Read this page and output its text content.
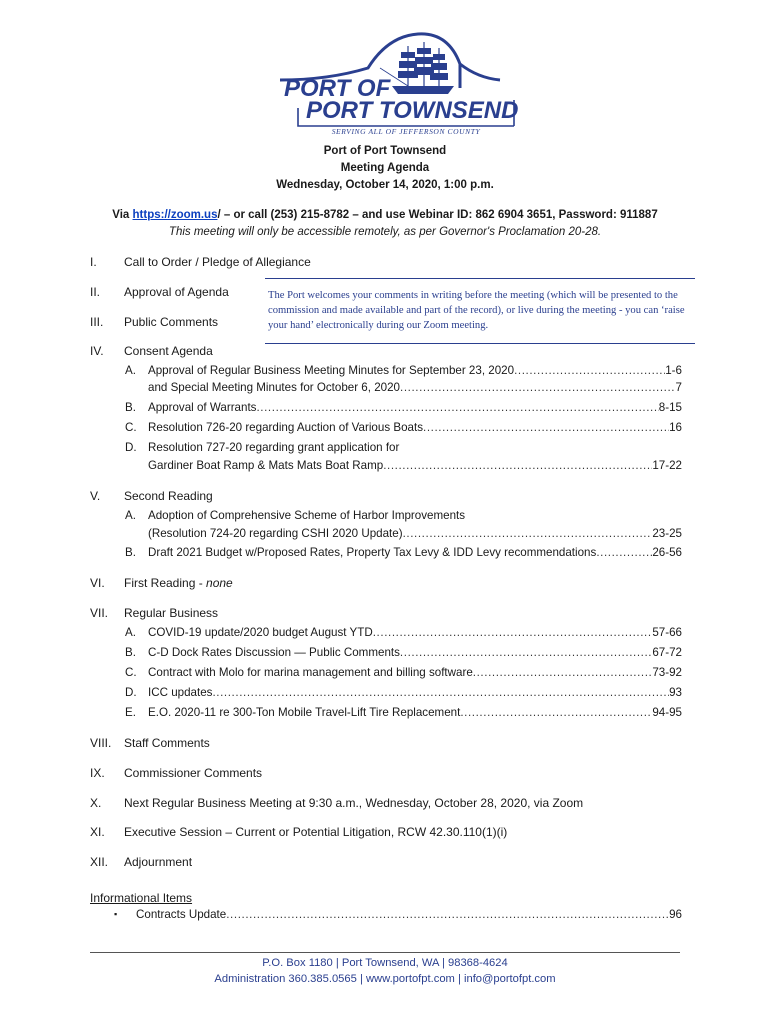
PORT OF
PORT TOWNSEND
SERVING ALL OF JEFFERSON COUNTY
Port of Port Townsend
Meeting Agenda
Wednesday, October 14, 2020, 1:00 p.m.
Via https://zoom.us/ – or call (253) 215-8782 – and use Webinar ID: 862 6904 3651, Password: 911887
This meeting will only be accessible remotely, as per Governor's Proclamation 20-28.
I.	Call to Order / Pledge of Allegiance
II.	Approval of Agenda
III.	Public Comments

The Port welcomes your comments in writing before the meeting (which will be presented to the commission and made available and part of the record), or live during the meeting - you can ‘raise your hand’ electronically during our Zoom meeting.

IV.	Consent Agenda
A. Approval of Regular Business Meeting Minutes for September 23, 2020 .....	1-6
and Special Meeting Minutes for October 6, 2020 .....	7
B. Approval of Warrants .....	8-15
C. Resolution 726-20 regarding Auction of Various Boats .....	16
D. Resolution 727-20 regarding grant application for
Gardiner Boat Ramp & Mats Mats Boat Ramp .....	17-22
V.	Second Reading
A. Adoption of Comprehensive Scheme of Harbor Improvements
(Resolution 724-20 regarding CSHI 2020 Update) .....	23-25
B. Draft 2021 Budget w/Proposed Rates, Property Tax Levy & IDD Levy recommendations .....	26-56
VI.	First Reading - none
VII.	Regular Business
A. COVID-19 update/2020 budget August YTD .....	57-66
B. C-D Dock Rates Discussion — Public Comments .....	67-72
C. Contract with Molo for marina management and billing software .....	73-92
D. ICC updates .....	93
E. E.O. 2020-11 re 300-Ton Mobile Travel-Lift Tire Replacement .....	94-95
VIII.	Staff Comments
IX.	Commissioner Comments
X.	Next Regular Business Meeting at 9:30 a.m., Wednesday, October 28, 2020, via Zoom
XI.	Executive Session – Current or Potential Litigation, RCW 42.30.110(1)(i)
XII.	Adjournment
Informational Items
▪ Contracts Update .....	96
P.O. Box 1180 | Port Townsend, WA | 98368-4624
Administration 360.385.0565 | www.portofpt.com | info@portofpt.com
